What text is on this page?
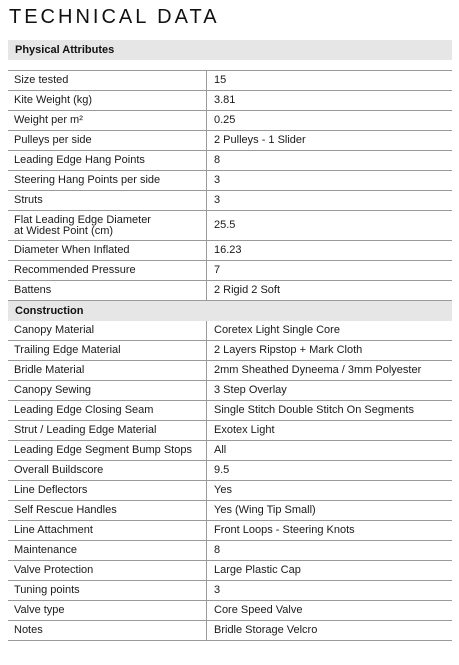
TECHNICAL DATA
Physical Attributes
Size tested	15
Kite Weight (kg)	3.81
Weight per m²	0.25
Pulleys per side	2 Pulleys - 1 Slider
Leading Edge Hang Points	8
Steering Hang Points per side	3
Struts	3
Flat Leading Edge Diameter
at Widest Point (cm)	25.5
Diameter When Inflated	16.23
Recommended Pressure	7
Battens	2 Rigid 2 Soft
Construction
Canopy Material	Coretex Light Single Core
Trailing Edge Material	2 Layers Ripstop + Mark Cloth
Bridle Material	2mm Sheathed Dyneema / 3mm Polyester
Canopy Sewing	3 Step Overlay
Leading Edge Closing Seam	Single Stitch Double Stitch On Segments
Strut / Leading Edge Material	Exotex Light
Leading Edge Segment Bump Stops	All
Overall Buildscore	9.5
Line Deflectors	Yes
Self Rescue Handles	Yes (Wing Tip Small)
Line Attachment	Front Loops - Steering Knots
Maintenance	8
Valve Protection	Large Plastic Cap
Tuning points	3
Valve type	Core Speed Valve
Notes	Bridle Storage Velcro
